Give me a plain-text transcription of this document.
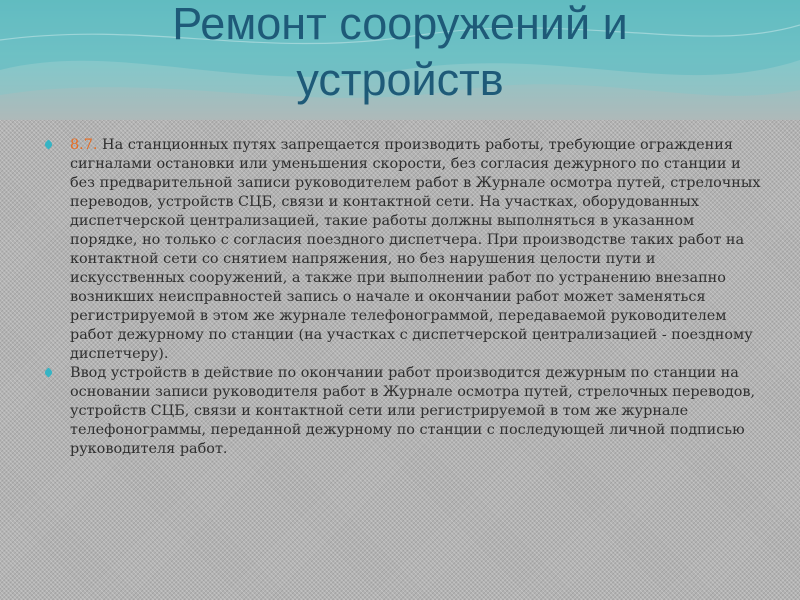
Ремонт сооружений и
устройств

8.7. На станционных путях запрещается производить работы, требующие ограждения сигналами остановки или уменьшения скорости, без согласия дежурного по станции и без предварительной записи руководителем работ в Журнале осмотра путей, стрелочных переводов, устройств СЦБ, связи и контактной сети. На участках, оборудованных диспетчерской централизацией, такие работы должны выполняться в указанном порядке, но только с согласия поездного диспетчера. При производстве таких работ на контактной сети со снятием напряжения, но без нарушения целости пути и искусственных сооружений, а также при выполнении работ по устранению внезапно возникших неисправностей запись о начале и окончании работ может заменяться регистрируемой в этом же журнале телефонограммой, передаваемой руководителем работ дежурному по станции (на участках с диспетчерской централизацией - поездному диспетчеру).

Ввод устройств в действие по окончании работ производится дежурным по станции на основании записи руководителя работ в Журнале осмотра путей, стрелочных переводов, устройств СЦБ, связи и контактной сети или регистрируемой в том же журнале телефонограммы, переданной дежурному по станции с последующей личной подписью руководителя работ.
